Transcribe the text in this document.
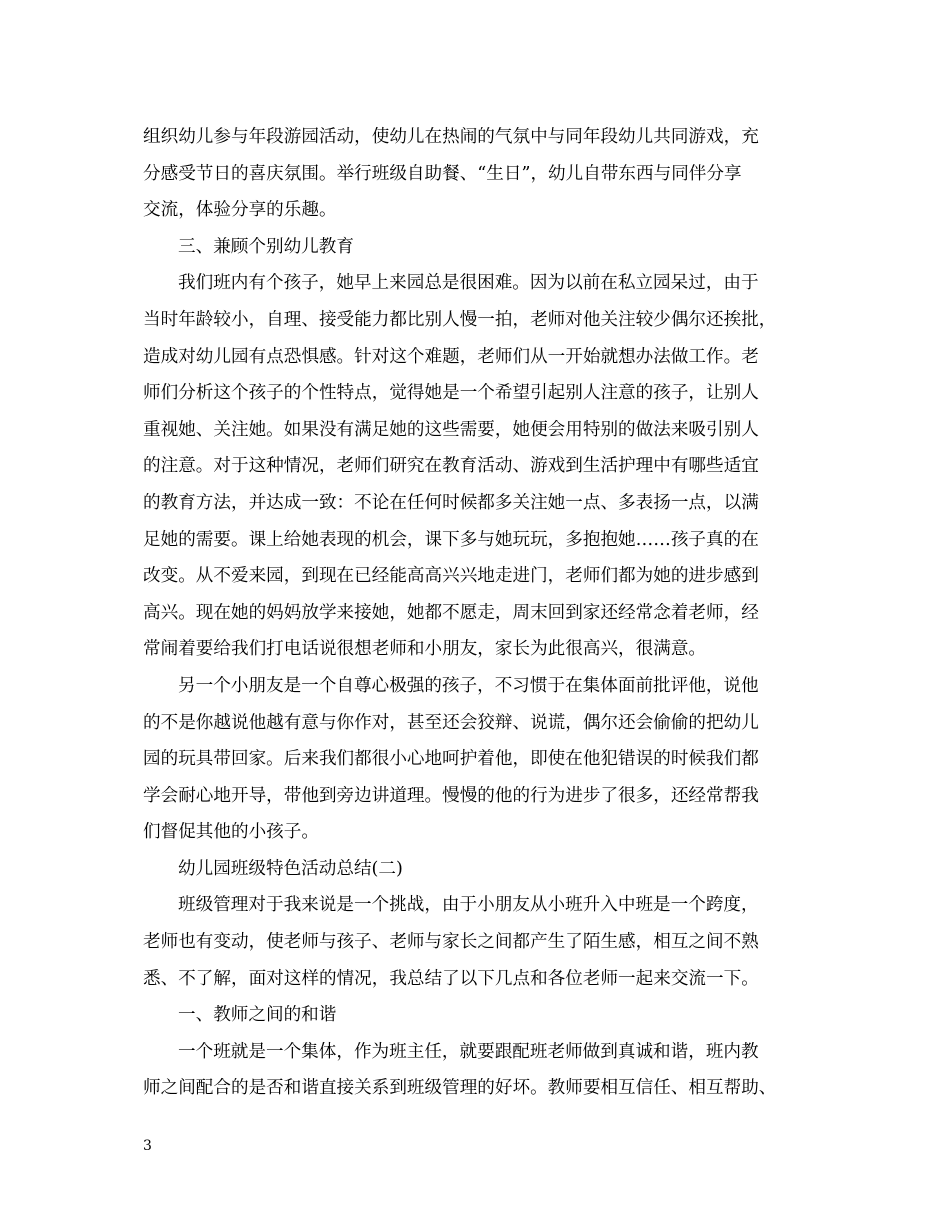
组织幼儿参与年段游园活动，使幼儿在热闹的气氛中与同年段幼儿共同游戏，充
分感受节日的喜庆氛围。举行班级自助餐、“生日”，幼儿自带东西与同伴分享
交流，体验分享的乐趣。
三、兼顾个别幼儿教育
我们班内有个孩子，她早上来园总是很困难。因为以前在私立园呆过，由于
当时年龄较小，自理、接受能力都比别人慢一拍，老师对他关注较少偶尔还挨批，
造成对幼儿园有点恐惧感。针对这个难题，老师们从一开始就想办法做工作。老
师们分析这个孩子的个性特点，觉得她是一个希望引起别人注意的孩子，让别人
重视她、关注她。如果没有满足她的这些需要，她便会用特别的做法来吸引别人
的注意。对于这种情况，老师们研究在教育活动、游戏到生活护理中有哪些适宜
的教育方法，并达成一致：不论在任何时候都多关注她一点、多表扬一点，以满
足她的需要。课上给她表现的机会，课下多与她玩玩，多抱抱她……孩子真的在
改变。从不爱来园，到现在已经能高高兴兴地走进门，老师们都为她的进步感到
高兴。现在她的妈妈放学来接她，她都不愿走，周末回到家还经常念着老师，经
常闹着要给我们打电话说很想老师和小朋友，家长为此很高兴，很满意。
另一个小朋友是一个自尊心极强的孩子，不习惯于在集体面前批评他，说他
的不是你越说他越有意与你作对，甚至还会狡辩、说谎，偶尔还会偷偷的把幼儿
园的玩具带回家。后来我们都很小心地呵护着他，即使在他犯错误的时候我们都
学会耐心地开导，带他到旁边讲道理。慢慢的他的行为进步了很多，还经常帮我
们督促其他的小孩子。
幼儿园班级特色活动总结(二)
班级管理对于我来说是一个挑战，由于小朋友从小班升入中班是一个跨度，
老师也有变动，使老师与孩子、老师与家长之间都产生了陌生感，相互之间不熟
悉、不了解，面对这样的情况，我总结了以下几点和各位老师一起来交流一下。
一、教师之间的和谐
一个班就是一个集体，作为班主任，就要跟配班老师做到真诚和谐，班内教
师之间配合的是否和谐直接关系到班级管理的好坏。教师要相互信任、相互帮助、
3
